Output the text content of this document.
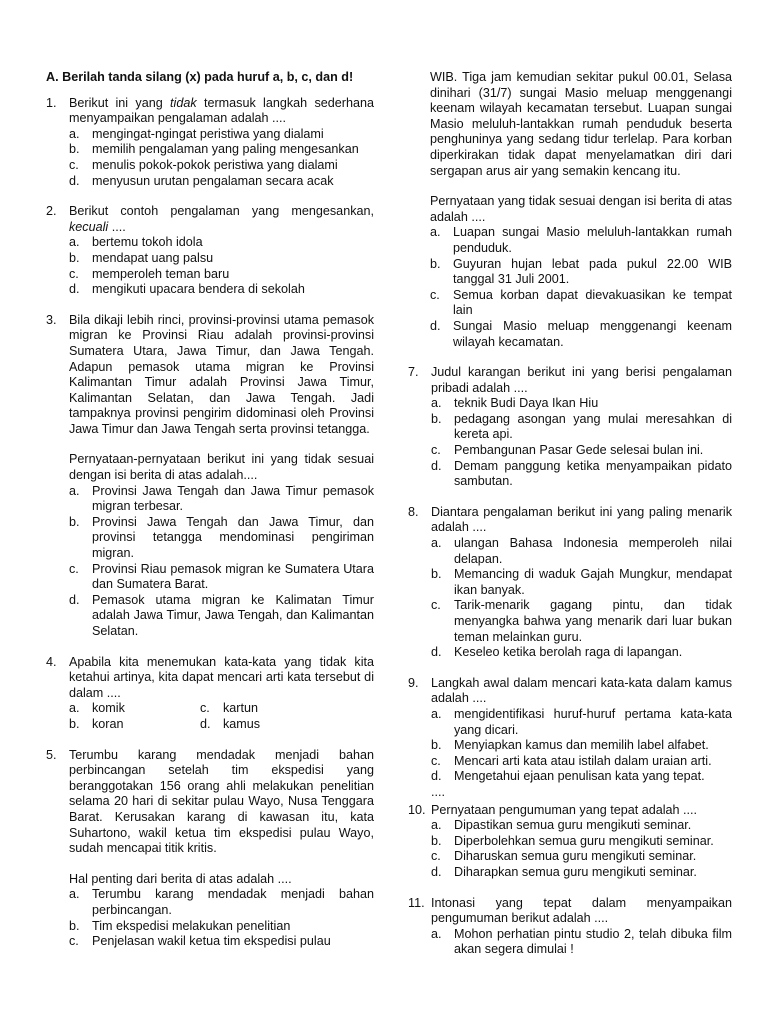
A. Berilah tanda silang (x) pada huruf a, b, c, dan d!
1. Berikut ini yang tidak termasuk langkah sederhana menyampaikan pengalaman adalah ....
a. mengingat-ngingat peristiwa yang dialami
b. memilih pengalaman yang paling mengesankan
c. menulis pokok-pokok peristiwa yang dialami
d. menyusun urutan pengalaman secara acak
2. Berikut contoh pengalaman yang mengesankan, kecuali ....
a. bertemu tokoh idola
b. mendapat uang palsu
c. memperoleh teman baru
d. mengikuti upacara bendera di sekolah
3. Bila dikaji lebih rinci, provinsi-provinsi utama pemasok migran ke Provinsi Riau adalah provinsi-provinsi Sumatera Utara, Jawa Timur, dan Jawa Tengah. Adapun pemasok utama migran ke Provinsi Kalimantan Timur adalah Provinsi Jawa Timur, Kalimantan Selatan, dan Jawa Tengah. Jadi tampaknya provinsi pengirim didominasi oleh Provinsi Jawa Timur dan Jawa Tengah serta provinsi tetangga.
Pernyataan-pernyataan berikut ini yang tidak sesuai dengan isi berita di atas adalah....
a. Provinsi Jawa Tengah dan Jawa Timur pemasok migran terbesar.
b. Provinsi Jawa Tengah dan Jawa Timur, dan provinsi tetangga mendominasi pengiriman migran.
c. Provinsi Riau pemasok migran ke Sumatera Utara dan Sumatera Barat.
d. Pemasok utama migran ke Kalimatan Timur adalah Jawa Timur, Jawa Tengah, dan Kalimantan Selatan.
4. Apabila kita menemukan kata-kata yang tidak kita ketahui artinya, kita dapat mencari arti kata tersebut di dalam ....
a. komik	c. kartun
b. koran	d. kamus
5. Terumbu karang mendadak menjadi bahan perbincangan setelah tim ekspedisi yang beranggotakan 156 orang ahli melakukan penelitian selama 20 hari di sekitar pulau Wayo, Nusa Tenggara Barat. Kerusakan karang di kawasan itu, kata Suhartono, wakil ketua tim ekspedisi pulau Wayo, sudah mencapai titik kritis.
Hal penting dari berita di atas adalah ....
a. Terumbu karang mendadak menjadi bahan perbincangan.
b. Tim ekspedisi melakukan penelitian
c. Penjelasan wakil ketua tim ekspedisi pulau
WIB. Tiga jam kemudian sekitar pukul 00.01, Selasa dinihari (31/7) sungai Masio meluap menggenangi keenam wilayah kecamatan tersebut. Luapan sungai Masio meluluh-lantakkan rumah penduduk beserta penghuninya yang sedang tidur terlelap. Para korban diperkirakan tidak dapat menyelamatkan diri dari sergapan arus air yang semakin kencang itu.
Pernyataan yang tidak sesuai dengan isi berita di atas adalah ....
a. Luapan sungai Masio meluluh-lantakkan rumah penduduk.
b. Guyuran hujan lebat pada pukul 22.00 WIB tanggal 31 Juli 2001.
c. Semua korban dapat dievakuasikan ke tempat lain
d. Sungai Masio meluap menggenangi keenam wilayah kecamatan.
7. Judul karangan berikut ini yang berisi pengalaman pribadi adalah ....
a. teknik Budi Daya Ikan Hiu
b. pedagang asongan yang mulai meresahkan di kereta api.
c. Pembangunan Pasar Gede selesai bulan ini.
d. Demam panggung ketika menyampaikan pidato sambutan.
8. Diantara pengalaman berikut ini yang paling menarik adalah ....
a. ulangan Bahasa Indonesia memperoleh nilai delapan.
b. Memancing di waduk Gajah Mungkur, mendapat ikan banyak.
c. Tarik-menarik gagang pintu, dan tidak menyangka bahwa yang menarik dari luar bukan teman melainkan guru.
d. Keseleo ketika berolah raga di lapangan.
9. Langkah awal dalam mencari kata-kata dalam kamus adalah ....
a. mengidentifikasi huruf-huruf pertama kata-kata yang dicari.
b. Menyiapkan kamus dan memilih label alfabet.
c. Mencari arti kata atau istilah dalam uraian arti.
d. Mengetahui ejaan penulisan kata yang tepat.
....
10. Pernyataan pengumuman yang tepat adalah ....
a. Dipastikan semua guru mengikuti seminar.
b. Diperbolehkan semua guru mengikuti seminar.
c. Diharuskan semua guru mengikuti seminar.
d. Diharapkan semua guru mengikuti seminar.
11. Intonasi yang tepat dalam menyampaikan pengumuman berikut adalah ....
a. Mohon perhatian pintu studio 2, telah dibuka film akan segera dimulai !
